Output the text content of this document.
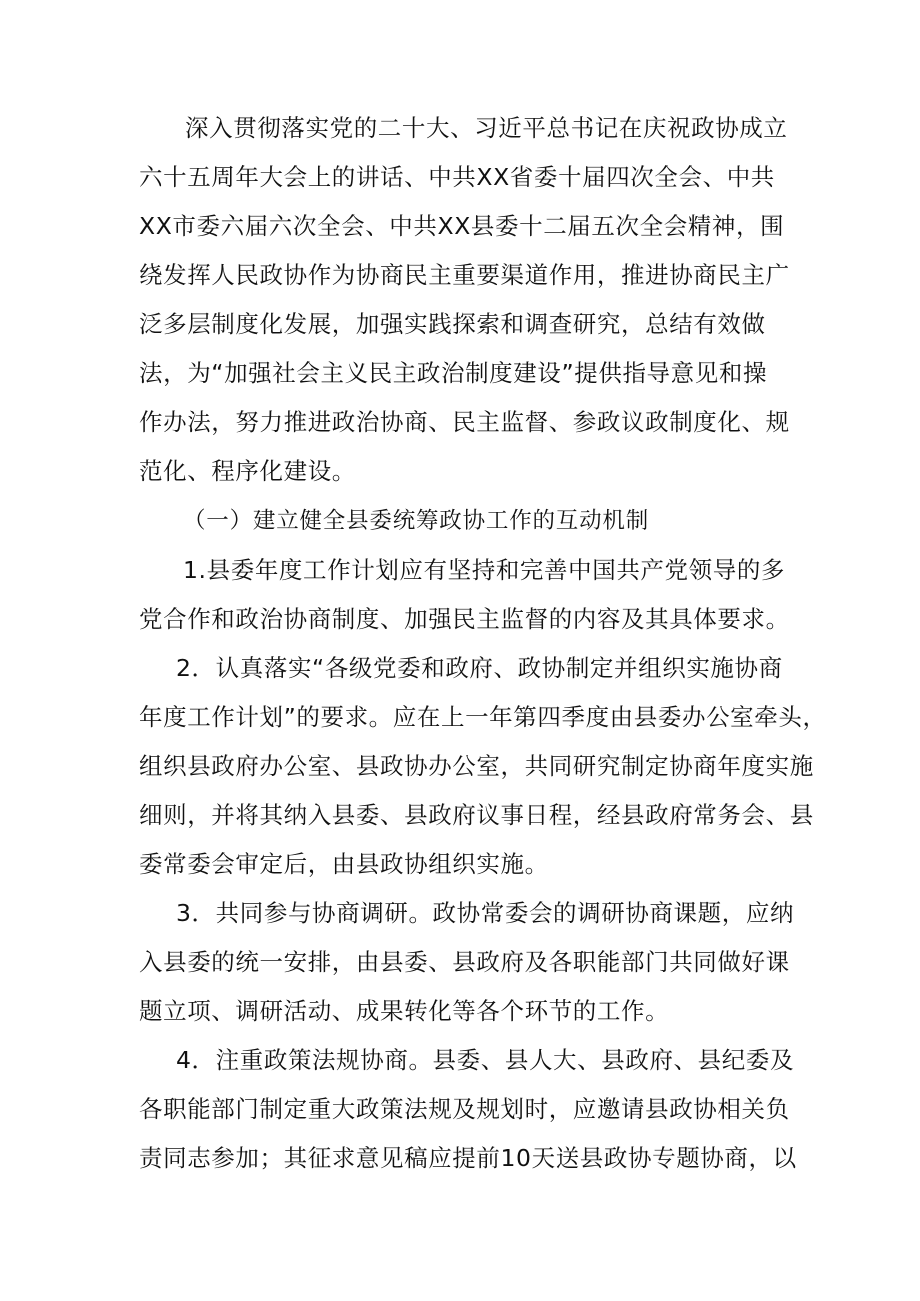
深入贯彻落实党的二十大、习近平总书记在庆祝政协成立
六十五周年大会上的讲话、中共XX省委十届四次全会、中共
XX市委六届六次全会、中共XX县委十二届五次全会精神，围
绕发挥人民政协作为协商民主重要渠道作用，推进协商民主广
泛多层制度化发展，加强实践探索和调查研究，总结有效做
法，为“加强社会主义民主政治制度建设”提供指导意见和操
作办法，努力推进政治协商、民主监督、参政议政制度化、规
范化、程序化建设。
（一）建立健全县委统筹政协工作的互动机制
1.县委年度工作计划应有坚持和完善中国共产党领导的多
党合作和政治协商制度、加强民主监督的内容及其具体要求。
2．认真落实“各级党委和政府、政协制定并组织实施协商
年度工作计划”的要求。应在上一年第四季度由县委办公室牵头，
组织县政府办公室、县政协办公室，共同研究制定协商年度实施
细则，并将其纳入县委、县政府议事日程，经县政府常务会、县
委常委会审定后，由县政协组织实施。
3．共同参与协商调研。政协常委会的调研协商课题，应纳
入县委的统一安排，由县委、县政府及各职能部门共同做好课
题立项、调研活动、成果转化等各个环节的工作。
4．注重政策法规协商。县委、县人大、县政府、县纪委及
各职能部门制定重大政策法规及规划时，应邀请县政协相关负
责同志参加；其征求意见稿应提前10天送县政协专题协商，以
